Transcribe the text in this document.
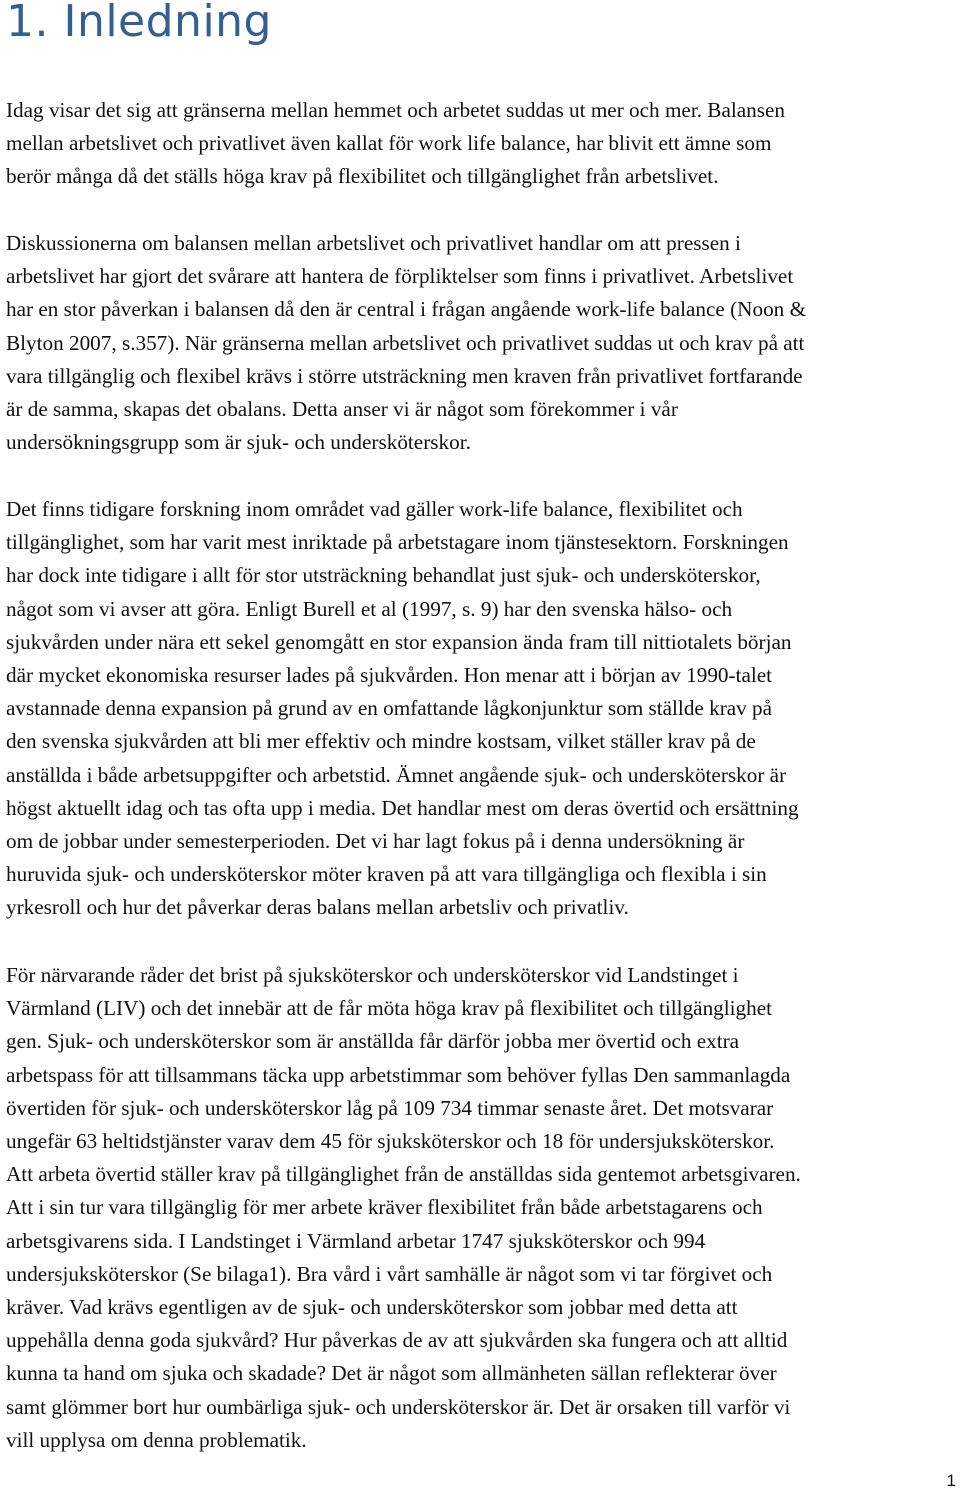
1. Inledning

Idag visar det sig att gränserna mellan hemmet och arbetet suddas ut mer och mer. Balansen
mellan arbetslivet och privatlivet även kallat för work life balance, har blivit ett ämne som
berör många då det ställs höga krav på flexibilitet och tillgänglighet från arbetslivet.

Diskussionerna om balansen mellan arbetslivet och privatlivet handlar om att pressen i
arbetslivet har gjort det svårare att hantera de förpliktelser som finns i privatlivet. Arbetslivet
har en stor påverkan i balansen då den är central i frågan angående work-life balance (Noon &
Blyton 2007, s.357). När gränserna mellan arbetslivet och privatlivet suddas ut och krav på att
vara tillgänglig och flexibel krävs i större utsträckning men kraven från privatlivet fortfarande
är de samma, skapas det obalans. Detta anser vi är något som förekommer i vår
undersökningsgrupp som är sjuk- och undersköterskor.

Det finns tidigare forskning inom området vad gäller work-life balance, flexibilitet och
tillgänglighet, som har varit mest inriktade på arbetstagare inom tjänstesektorn. Forskningen
har dock inte tidigare i allt för stor utsträckning behandlat just sjuk- och undersköterskor,
något som vi avser att göra. Enligt Burell et al (1997, s. 9) har den svenska hälso- och
sjukvården under nära ett sekel genomgått en stor expansion ända fram till nittiotalets början
där mycket ekonomiska resurser lades på sjukvården. Hon menar att i början av 1990-talet
avstannade denna expansion på grund av en omfattande lågkonjunktur som ställde krav på
den svenska sjukvården att bli mer effektiv och mindre kostsam, vilket ställer krav på de
anställda i både arbetsuppgifter och arbetstid. Ämnet angående sjuk- och undersköterskor är
högst aktuellt idag och tas ofta upp i media. Det handlar mest om deras övertid och ersättning
om de jobbar under semesterperioden. Det vi har lagt fokus på i denna undersökning är
huruvida sjuk- och undersköterskor möter kraven på att vara tillgängliga och flexibla i sin
yrkesroll och hur det påverkar deras balans mellan arbetsliv och privatliv.

För närvarande råder det brist på sjuksköterskor och undersköterskor vid Landstinget i
Värmland (LIV) och det innebär att de får möta höga krav på flexibilitet och tillgänglighet
gen. Sjuk- och undersköterskor som är anställda får därför jobba mer övertid och extra
arbetspass för att tillsammans täcka upp arbetstimmar som behöver fyllas Den sammanlagda
övertiden för sjuk- och undersköterskor låg på 109 734 timmar senaste året. Det motsvarar
ungefär 63 heltidstjänster varav dem 45 för sjuksköterskor och 18 för undersjuksköterskor.
Att arbeta övertid ställer krav på tillgänglighet från de anställdas sida gentemot arbetsgivaren.
Att i sin tur vara tillgänglig för mer arbete kräver flexibilitet från både arbetstagarens och
arbetsgivarens sida. I Landstinget i Värmland arbetar 1747 sjuksköterskor och 994
undersjuksköterskor (Se bilaga1). Bra vård i vårt samhälle är något som vi tar förgivet och
kräver. Vad krävs egentligen av de sjuk- och undersköterskor som jobbar med detta att
uppehålla denna goda sjukvård? Hur påverkas de av att sjukvården ska fungera och att alltid
kunna ta hand om sjuka och skadade? Det är något som allmänheten sällan reflekterar över
samt glömmer bort hur oumbärliga sjuk- och undersköterskor är. Det är orsaken till varför vi
vill upplysa om denna problematik.

1
